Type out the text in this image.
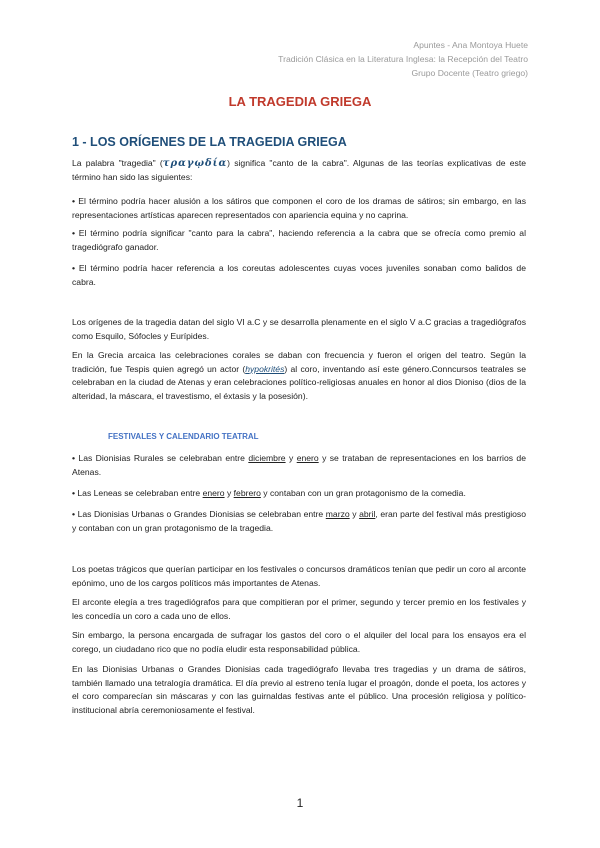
Apuntes - Ana Montoya Huete
Tradición Clásica en la Literatura Inglesa: la Recepción del Teatro
Grupo Docente (Teatro griego)
LA TRAGEDIA GRIEGA
1 - LOS ORÍGENES DE LA TRAGEDIA GRIEGA
La palabra "tragedia" (τραγῳδία) significa "canto de la cabra". Algunas de las teorías explicativas de este término han sido las siguientes:
• El término podría hacer alusión a los sátiros que componen el coro de los dramas de sátiros; sin embargo, en las representaciones artísticas aparecen representados con apariencia equina y no caprina.
• El término podría significar "canto para la cabra", haciendo referencia a la cabra que se ofrecía como premio al tragediógrafo ganador.
• El término podría hacer referencia a los coreutas adolescentes cuyas voces juveniles sonaban como balidos de cabra.
Los orígenes de la tragedia datan del siglo VI a.C y se desarrolla plenamente en el siglo V a.C gracias a tragediógrafos como Esquilo, Sófocles y Eurípides.
En la Grecia arcaica las celebraciones corales se daban con frecuencia y fueron el origen del teatro. Según la tradición, fue Tespis quien agregó un actor (hypokrités) al coro, inventando así este género.Conncursos teatrales se celebraban en la ciudad de Atenas y eran celebraciones político-religiosas anuales en honor al dios Dioniso (dios de la alteridad, la máscara, el travestismo, el éxtasis y la posesión).
FESTIVALES Y CALENDARIO TEATRAL
• Las Dionisias Rurales se celebraban entre diciembre y enero y se trataban de representaciones en los barrios de Atenas.
• Las Leneas se celebraban entre enero y febrero y contaban con un gran protagonismo de la comedia.
• Las Dionisias Urbanas o Grandes Dionisias se celebraban entre marzo y abril, eran parte del festival más prestigioso y contaban con un gran protagonismo de la tragedia.
Los poetas trágicos que querían participar en los festivales o concursos dramáticos tenían que pedir un coro al arconte epónimo, uno de los cargos políticos más importantes de Atenas.
El arconte elegía a tres tragediógrafos para que compitieran por el primer, segundo y tercer premio en los festivales y les concedía un coro a cada uno de ellos.
Sin embargo, la persona encargada de sufragar los gastos del coro o el alquiler del local para los ensayos era el corego, un ciudadano rico que no podía eludir esta responsabilidad pública.
En las Dionisias Urbanas o Grandes Dionisias cada tragediógrafo llevaba tres tragedias y un drama de sátiros, también llamado una tetralogía dramática. El día previo al estreno tenía lugar el proagón, donde el poeta, los actores y el coro comparecían sin máscaras y con las guirnaldas festivas ante el público. Una procesión religiosa y político-institucional abría ceremoniosamente el festival.
1
